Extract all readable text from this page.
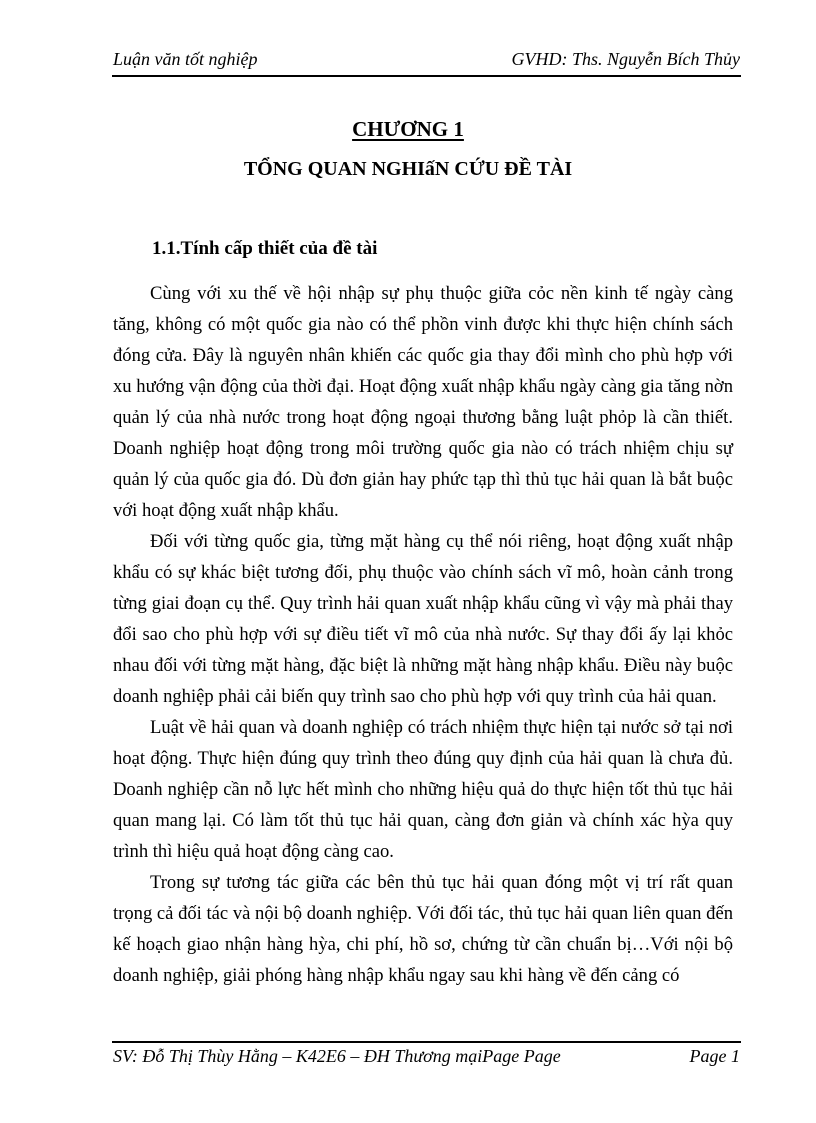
Luận văn tốt nghiệp	GVHD: Ths. Nguyễn Bích Thủy
CHƯƠNG 1
TỔNG QUAN NGHIấN CỨU ĐỀ TÀI
1.1.Tính cấp thiết của đề tài

Cùng với xu thế về hội nhập sự phụ thuộc giữa cỏc nền kinh tế ngày càng tăng, không có một quốc gia nào có thể phồn vinh được khi thực hiện chính sách đóng cửa. Đây là nguyên nhân khiến các quốc gia thay đổi mình cho phù hợp với xu hướng vận động của thời đại. Hoạt động xuất nhập khẩu ngày càng gia tăng nờn quản lý của nhà nước trong hoạt động ngoại thương bằng luật phỏp là cần thiết. Doanh nghiệp hoạt động trong môi trường quốc gia nào có trách nhiệm chịu sự quản lý của quốc gia đó. Dù đơn giản hay phức tạp thì thủ tục hải quan là bắt buộc với hoạt động xuất nhập khẩu.

Đối với từng quốc gia, từng mặt hàng cụ thể nói riêng, hoạt động xuất nhập khẩu có sự khác biệt tương đối, phụ thuộc vào chính sách vĩ mô, hoàn cảnh trong từng giai đoạn cụ thể. Quy trình hải quan xuất nhập khẩu cũng vì vậy mà phải thay đổi sao cho phù hợp với sự điều tiết vĩ mô của nhà nước. Sự thay đổi ấy lại khỏc nhau đối với từng mặt hàng, đặc biệt là những mặt hàng nhập khẩu. Điều này buộc doanh nghiệp phải cải biến quy trình sao cho phù hợp với quy trình của hải quan.

Luật về hải quan và doanh nghiệp có trách nhiệm thực hiện tại nước sở tại nơi hoạt động. Thực hiện đúng quy trình theo đúng quy định của hải quan là chưa đủ. Doanh nghiệp cần nỗ lực hết mình cho những hiệu quả do thực hiện tốt thủ tục hải quan mang lại. Có làm tốt thủ tục hải quan, càng đơn giản và chính xác hỳa quy trình thì hiệu quả hoạt động càng cao.

Trong sự tương tác giữa các bên thủ tục hải quan đóng một vị trí rất quan trọng cả đối tác và nội bộ doanh nghiệp. Với đối tác, thủ tục hải quan liên quan đến kế hoạch giao nhận hàng hỳa, chi phí, hồ sơ, chứng từ cần chuẩn bị…Với nội bộ doanh nghiệp, giải phóng hàng nhập khẩu ngay sau khi hàng về đến cảng có

SV: Đỗ Thị Thùy Hằng – K42E6 – ĐH Thương mạiPage Page	Page 1
